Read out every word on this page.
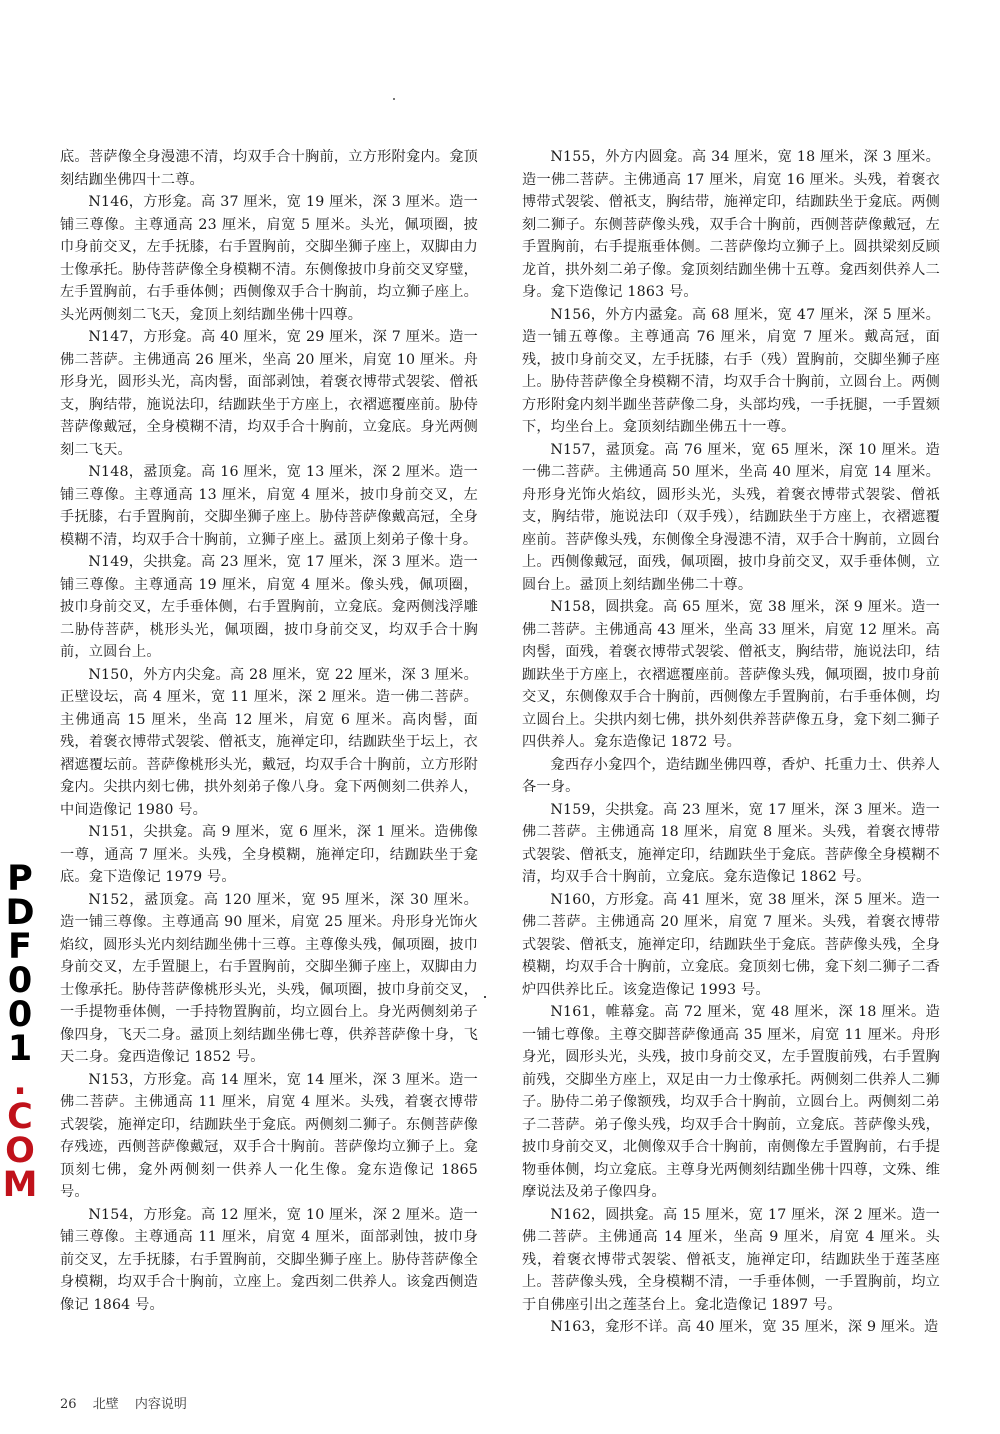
底。菩萨像全身漫漶不清，均双手合十胸前，立方形附龛内。龛顶刻结跏坐佛四十二尊。

N146，方形龛。高 37 厘米，宽 19 厘米，深 3 厘米。造一铺三尊像。主尊通高 23 厘米，肩宽 5 厘米。头光，佩项圈，披巾身前交叉，左手抚膝，右手置胸前，交脚坐狮子座上，双脚由力士像承托。胁侍菩萨像全身模糊不清。东侧像披巾身前交叉穿璧，左手置胸前，右手垂体侧；西侧像双手合十胸前，均立狮子座上。头光两侧刻二飞天，龛顶上刻结跏坐佛十四尊。

N147，方形龛。高 40 厘米，宽 29 厘米，深 7 厘米。造一佛二菩萨。主佛通高 26 厘米，坐高 20 厘米，肩宽 10 厘米。舟形身光，圆形头光，高肉髻，面部剥蚀，着褒衣博带式袈裟、僧祇支，胸结带，施说法印，结跏趺坐于方座上，衣褶遮覆座前。胁侍菩萨像戴冠，全身模糊不清，均双手合十胸前，立龛底。身光两侧刻二飞天。

N148，盝顶龛。高 16 厘米，宽 13 厘米，深 2 厘米。造一铺三尊像。主尊通高 13 厘米，肩宽 4 厘米，披巾身前交叉，左手抚膝，右手置胸前，交脚坐狮子座上。胁侍菩萨像戴高冠，全身模糊不清，均双手合十胸前，立狮子座上。盝顶上刻弟子像十身。

N149，尖拱龛。高 23 厘米，宽 17 厘米，深 3 厘米。造一铺三尊像。主尊通高 19 厘米，肩宽 4 厘米。像头残，佩项圈，披巾身前交叉，左手垂体侧，右手置胸前，立龛底。龛两侧浅浮雕二胁侍菩萨，桃形头光，佩项圈，披巾身前交叉，均双手合十胸前，立圆台上。

N150，外方内尖龛。高 28 厘米，宽 22 厘米，深 3 厘米。正壁设坛，高 4 厘米，宽 11 厘米，深 2 厘米。造一佛二菩萨。主佛通高 15 厘米，坐高 12 厘米，肩宽 6 厘米。高肉髻，面残，着褒衣博带式袈裟、僧祇支，施禅定印，结跏趺坐于坛上，衣褶遮覆坛前。菩萨像桃形头光，戴冠，均双手合十胸前，立方形附龛内。尖拱内刻七佛，拱外刻弟子像八身。龛下两侧刻二供养人，中间造像记 1980 号。

N151，尖拱龛。高 9 厘米，宽 6 厘米，深 1 厘米。造佛像一尊，通高 7 厘米。头残，全身模糊，施禅定印，结跏趺坐于龛底。龛下造像记 1979 号。

N152，盝顶龛。高 120 厘米，宽 95 厘米，深 30 厘米。造一铺三尊像。主尊通高 90 厘米，肩宽 25 厘米。舟形身光饰火焰纹，圆形头光内刻结跏坐佛十三尊。主尊像头残，佩项圈，披巾身前交叉，左手置腿上，右手置胸前，交脚坐狮子座上，双脚由力士像承托。胁侍菩萨像桃形头光，头残，佩项圈，披巾身前交叉，一手提物垂体侧，一手持物置胸前，均立圆台上。身光两侧刻弟子像四身，飞天二身。盝顶上刻结跏坐佛七尊，供养菩萨像十身，飞天二身。龛西造像记 1852 号。

N153，方形龛。高 14 厘米，宽 14 厘米，深 3 厘米。造一佛二菩萨。主佛通高 11 厘米，肩宽 4 厘米。头残，着褒衣博带式袈裟，施禅定印，结跏趺坐于龛底。两侧刻二狮子。东侧菩萨像存残迹，西侧菩萨像戴冠，双手合十胸前。菩萨像均立狮子上。龛顶刻七佛，龛外两侧刻一供养人一化生像。龛东造像记 1865 号。

N154，方形龛。高 12 厘米，宽 10 厘米，深 2 厘米。造一铺三尊像。主尊通高 11 厘米，肩宽 4 厘米，面部剥蚀，披巾身前交叉，左手抚膝，右手置胸前，交脚坐狮子座上。胁侍菩萨像全身模糊，均双手合十胸前，立座上。龛西刻二供养人。该龛西侧造像记 1864 号。

N155，外方内圆龛。高 34 厘米，宽 18 厘米，深 3 厘米。造一佛二菩萨。主佛通高 17 厘米，肩宽 16 厘米。头残，着褒衣博带式袈裟、僧祇支，胸结带，施禅定印，结跏趺坐于龛底。两侧刻二狮子。东侧菩萨像头残，双手合十胸前，西侧菩萨像戴冠，左手置胸前，右手提瓶垂体侧。二菩萨像均立狮子上。圆拱梁刻反顾龙首，拱外刻二弟子像。龛顶刻结跏坐佛十五尊。龛西刻供养人二身。龛下造像记 1863 号。

N156，外方内盝龛。高 68 厘米，宽 47 厘米，深 5 厘米。造一铺五尊像。主尊通高 76 厘米，肩宽 7 厘米。戴高冠，面残，披巾身前交叉，左手抚膝，右手（残）置胸前，交脚坐狮子座上。胁侍菩萨像全身模糊不清，均双手合十胸前，立圆台上。两侧方形附龛内刻半跏坐菩萨像二身，头部均残，一手抚腿，一手置颏下，均坐台上。龛顶刻结跏坐佛五十一尊。

N157，盝顶龛。高 76 厘米，宽 65 厘米，深 10 厘米。造一佛二菩萨。主佛通高 50 厘米，坐高 40 厘米，肩宽 14 厘米。舟形身光饰火焰纹，圆形头光，头残，着褒衣博带式袈裟、僧祇支，胸结带，施说法印（双手残），结跏趺坐于方座上，衣褶遮覆座前。菩萨像头残，东侧像全身漫漶不清，双手合十胸前，立圆台上。西侧像戴冠，面残，佩项圈，披巾身前交叉，双手垂体侧，立圆台上。盝顶上刻结跏坐佛二十尊。

N158，圆拱龛。高 65 厘米，宽 38 厘米，深 9 厘米。造一佛二菩萨。主佛通高 43 厘米，坐高 33 厘米，肩宽 12 厘米。高肉髻，面残，着褒衣博带式袈裟、僧祇支，胸结带，施说法印，结跏趺坐于方座上，衣褶遮覆座前。菩萨像头残，佩项圈，披巾身前交叉，东侧像双手合十胸前，西侧像左手置胸前，右手垂体侧，均立圆台上。尖拱内刻七佛，拱外刻供养菩萨像五身，龛下刻二狮子四供养人。龛东造像记 1872 号。

龛西存小龛四个，造结跏坐佛四尊，香炉、托重力士、供养人各一身。

N159，尖拱龛。高 23 厘米，宽 17 厘米，深 3 厘米。造一佛二菩萨。主佛通高 18 厘米，肩宽 8 厘米。头残，着褒衣博带式袈裟、僧祇支，施禅定印，结跏趺坐于龛底。菩萨像全身模糊不清，均双手合十胸前，立龛底。龛东造像记 1862 号。

N160，方形龛。高 41 厘米，宽 38 厘米，深 5 厘米。造一佛二菩萨。主佛通高 20 厘米，肩宽 7 厘米。头残，着褒衣博带式袈裟、僧祇支，施禅定印，结跏趺坐于龛底。菩萨像头残，全身模糊，均双手合十胸前，立龛底。龛顶刻七佛，龛下刻二狮子二香炉四供养比丘。该龛造像记 1993 号。

N161，帷幕龛。高 72 厘米，宽 48 厘米，深 18 厘米。造一铺七尊像。主尊交脚菩萨像通高 35 厘米，肩宽 11 厘米。舟形身光，圆形头光，头残，披巾身前交叉，左手置腹前残，右手置胸前残，交脚坐方座上，双足由一力士像承托。两侧刻二供养人二狮子。胁侍二弟子像额残，均双手合十胸前，立圆台上。两侧刻二弟子二菩萨。弟子像头残，均双手合十胸前，立龛底。菩萨像头残，披巾身前交叉，北侧像双手合十胸前，南侧像左手置胸前，右手提物垂体侧，均立龛底。主尊身光两侧刻结跏坐佛十四尊，文殊、维摩说法及弟子像四身。

N162，圆拱龛。高 15 厘米，宽 17 厘米，深 2 厘米。造一佛二菩萨。主佛通高 14 厘米，坐高 9 厘米，肩宽 4 厘米。头残，着褒衣博带式袈裟、僧祇支，施禅定印，结跏趺坐于莲茎座上。菩萨像头残，全身模糊不清，一手垂体侧，一手置胸前，均立于自佛座引出之莲茎台上。龛北造像记 1897 号。

N163，龛形不详。高 40 厘米，宽 35 厘米，深 9 厘米。造

P
D
F
0
0
1
.
C
O
M
26 北壁 内容说明
